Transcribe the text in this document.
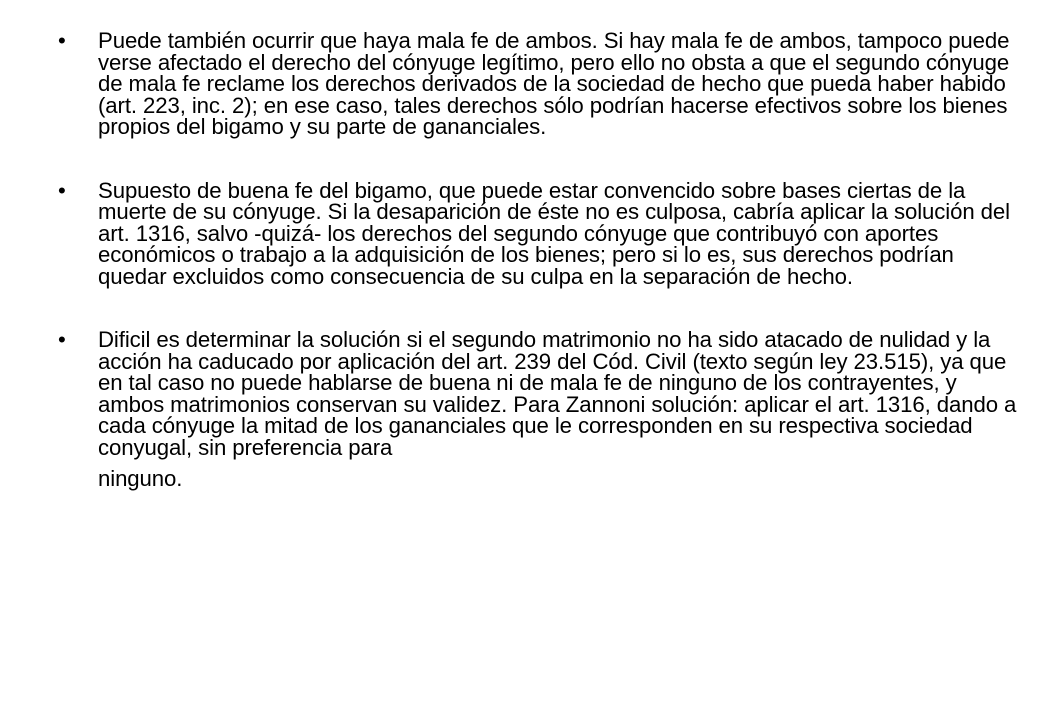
•	Puede también ocurrir que haya mala fe de ambos. Si hay mala fe de ambos, tampoco puede verse afectado el derecho del cónyuge legítimo, pero ello no obsta a que el segundo cónyuge de mala fe reclame los derechos derivados de la sociedad de hecho que pueda haber habido (art. 223, inc. 2); en ese caso, tales derechos sólo podrían hacerse efectivos sobre los bienes propios del bigamo y su parte de gananciales.
•	Supuesto de buena fe del bigamo, que puede estar convencido sobre bases ciertas de la muerte de su cónyuge. Si la desaparición de éste no es culposa, cabría aplicar la solución del art. 1316, salvo -quizá- los derechos del segundo cónyuge que contribuyó con aportes económicos o trabajo a la adquisición de los bienes; pero si lo es, sus derechos podrían quedar excluidos como consecuencia de su culpa en la separación de hecho.
•	Dificil es determinar la solución si el segundo matrimonio no ha sido atacado de nulidad y la acción ha caducado por aplicación del art. 239 del Cód. Civil (texto según ley 23.515), ya que en tal caso no puede hablarse de buena ni de mala fe de ninguno de los contrayentes, y ambos matrimonios conservan su validez. Para Zannoni solución: aplicar el art. 1316, dando a cada cónyuge la mitad de los gananciales que le corresponden en su respectiva sociedad conyugal, sin preferencia para
ninguno.
